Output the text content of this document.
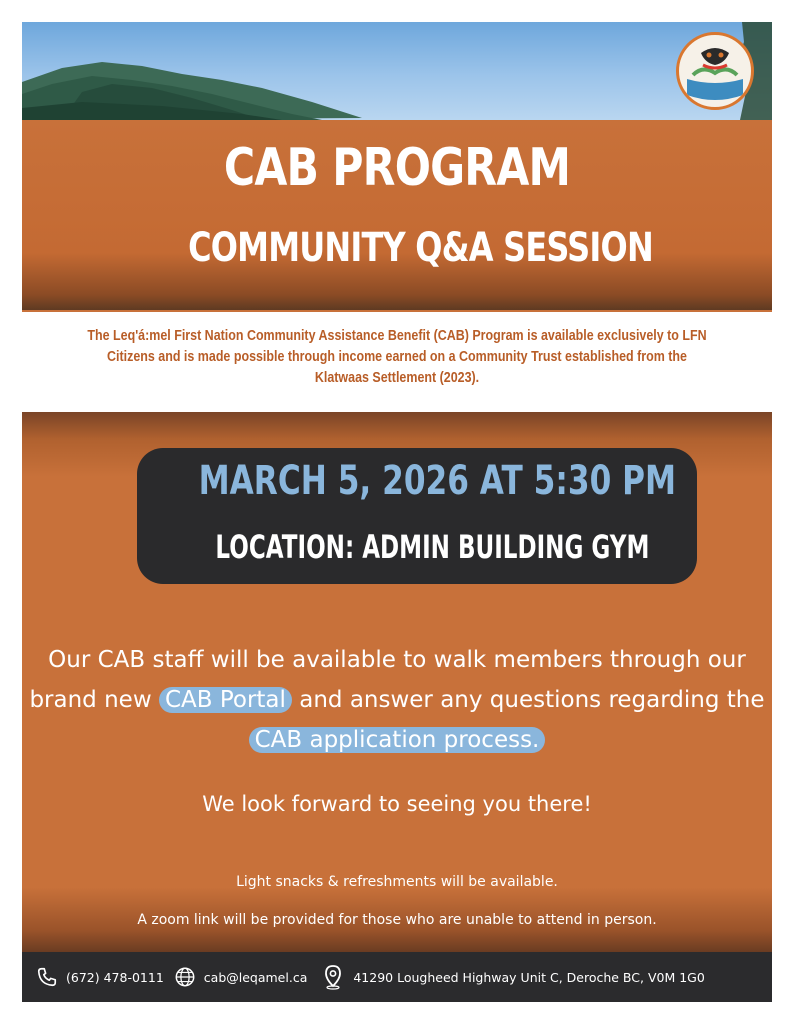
CAB PROGRAM
COMMUNITY Q&A SESSION

The Leq'á:mel First Nation Community Assistance Benefit (CAB) Program is available exclusively to LFN Citizens and is made possible through income earned on a Community Trust established from the Klatwaas Settlement (2023).

MARCH 5, 2026 AT 5:30 PM
LOCATION: ADMIN BUILDING GYM
Our CAB staff will be available to walk members through our brand new CAB Portal and answer any questions regarding the CAB application process.
We look forward to seeing you there!
Light snacks & refreshments will be available.
A zoom link will be provided for those who are unable to attend in person.
(672) 478-0111	cab@leqamel.ca	41290 Lougheed Highway Unit C, Deroche BC, V0M 1G0
